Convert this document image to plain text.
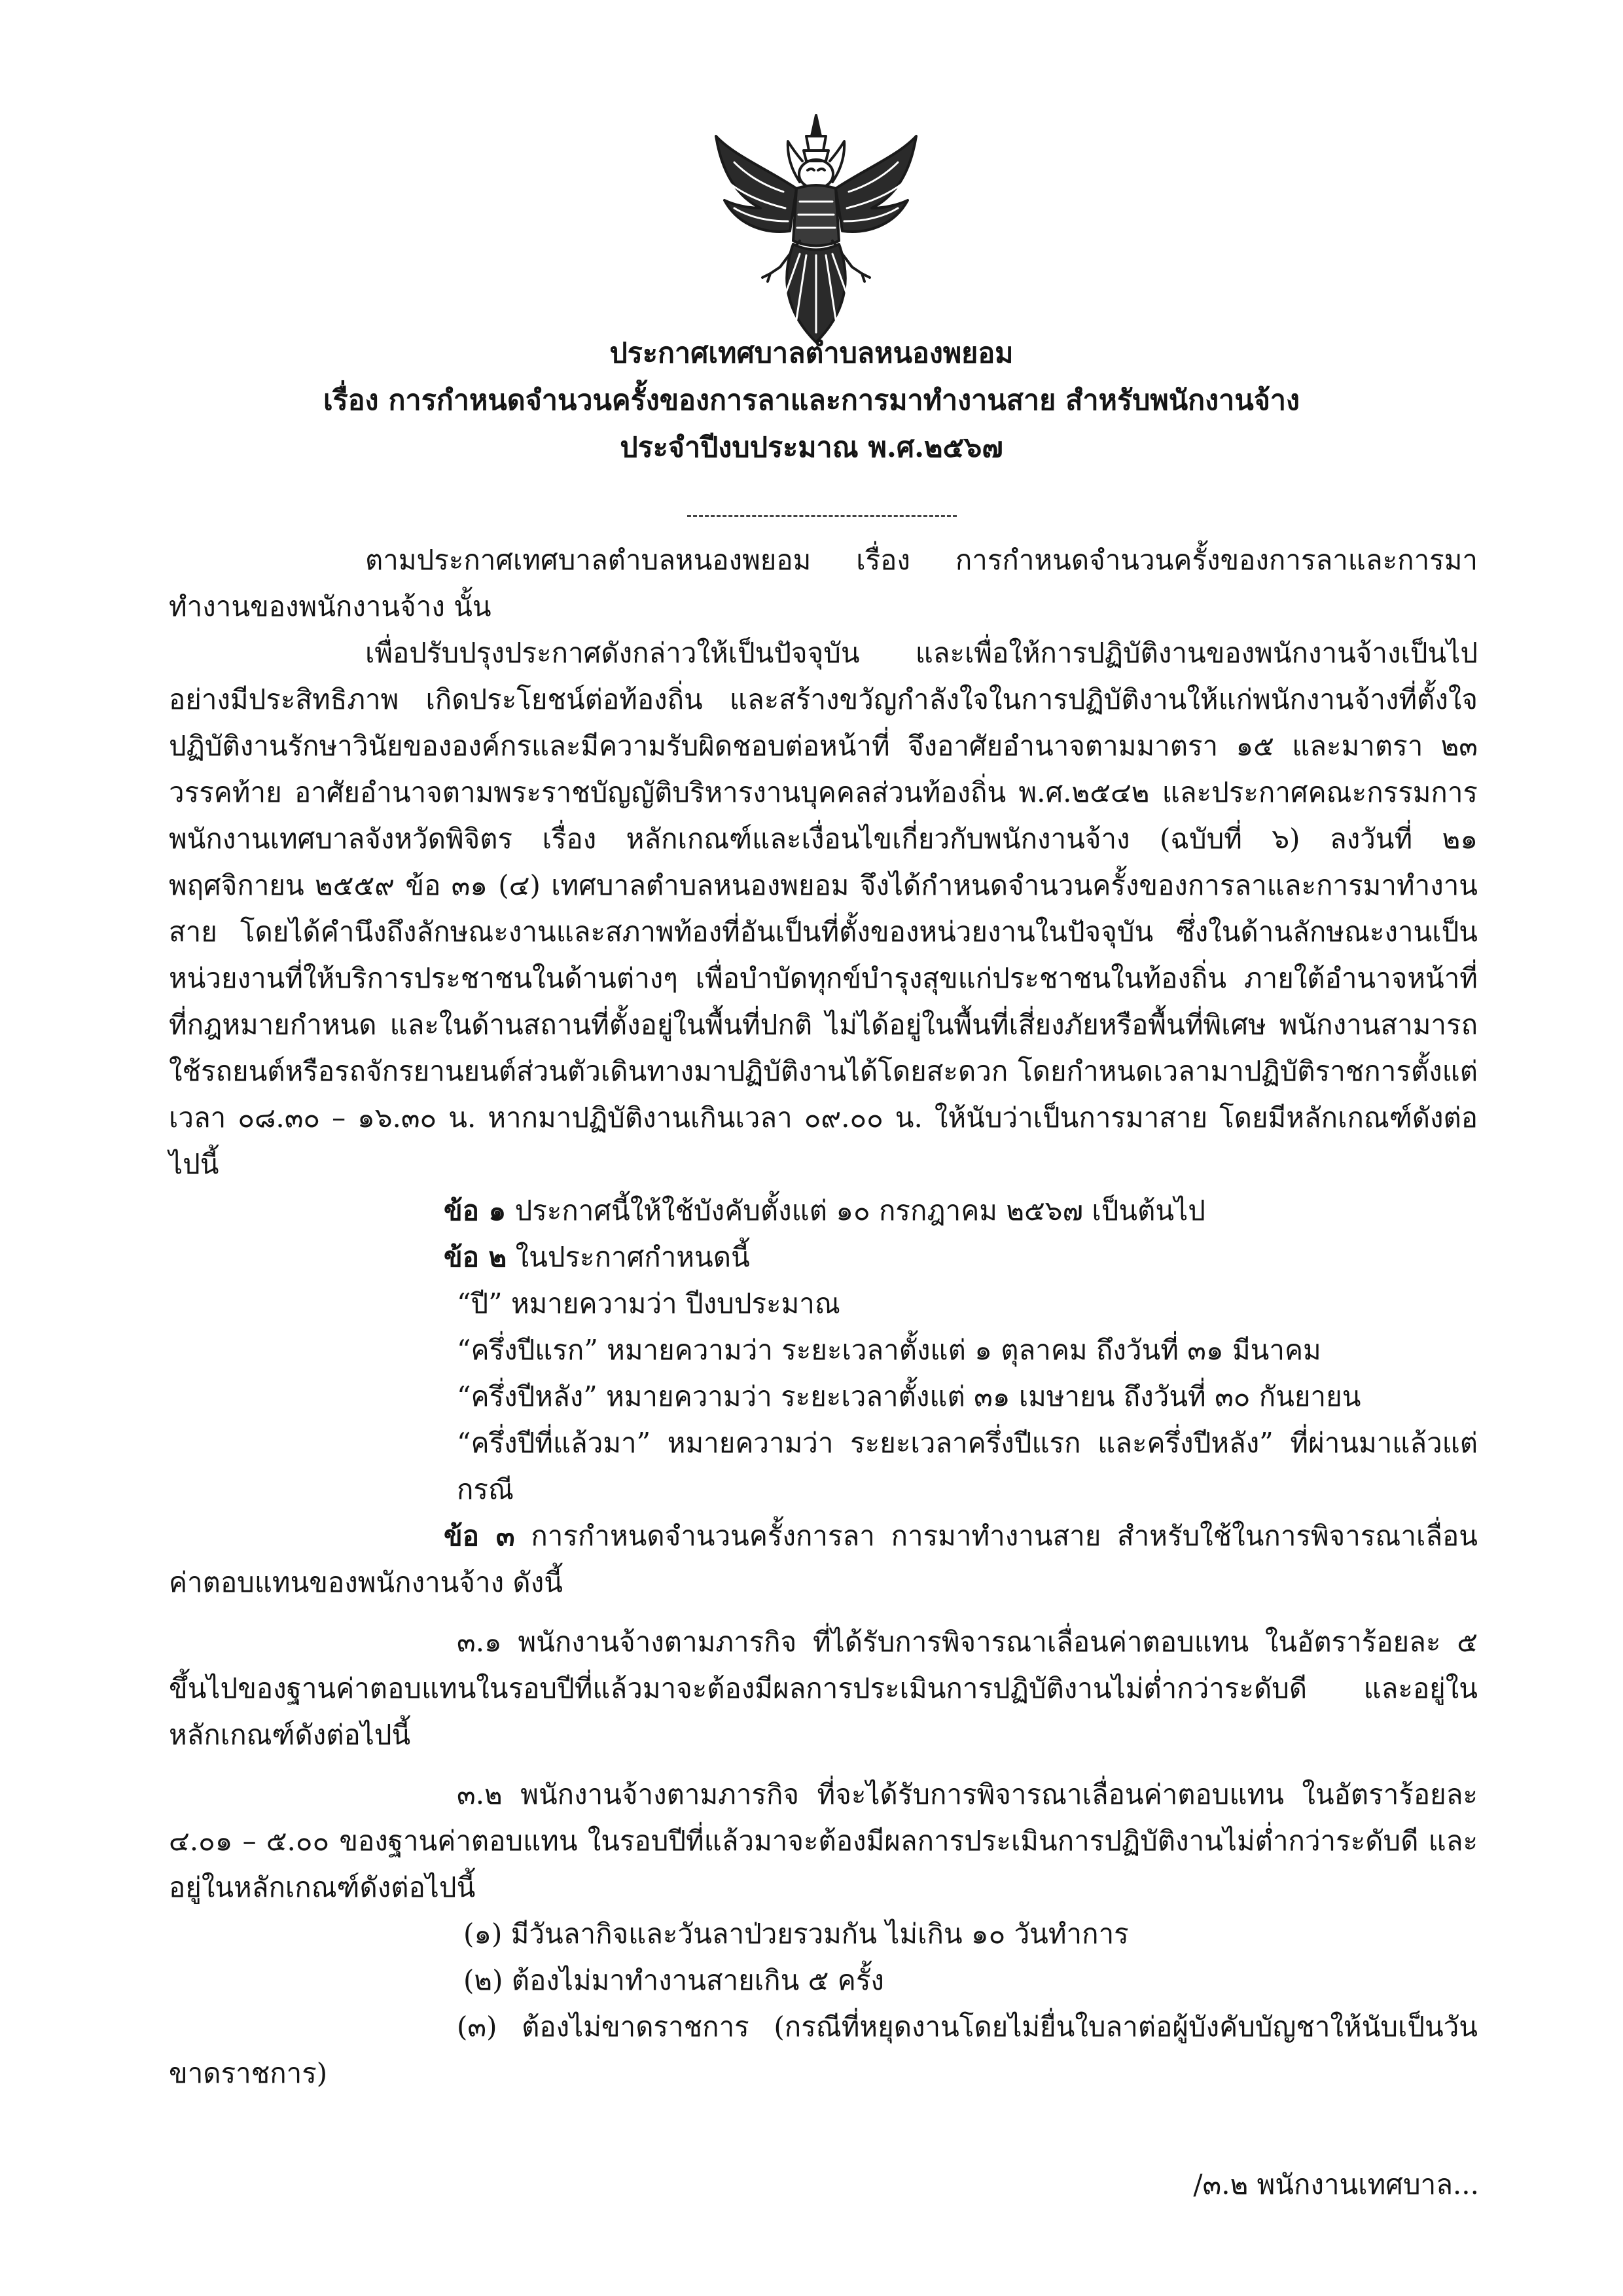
ประกาศเทศบาลตำบลหนองพยอม
เรื่อง การกำหนดจำนวนครั้งของการลาและการมาทำงานสาย สำหรับพนักงานจ้าง
ประจำปีงบประมาณ พ.ศ.๒๕๖๗

ตามประกาศเทศบาลตำบลหนองพยอม เรื่อง การกำหนดจำนวนครั้งของการลาและการมาทำงานของพนักงานจ้าง นั้น

เพื่อปรับปรุงประกาศดังกล่าวให้เป็นปัจจุบัน และเพื่อให้การปฏิบัติงานของพนักงานจ้างเป็นไปอย่างมีประสิทธิภาพ เกิดประโยชน์ต่อท้องถิ่น และสร้างขวัญกำลังใจในการปฏิบัติงานให้แก่พนักงานจ้างที่ตั้งใจปฏิบัติงานรักษาวินัยขององค์กรและมีความรับผิดชอบต่อหน้าที่ จึงอาศัยอำนาจตามมาตรา ๑๕ และมาตรา ๒๓ วรรคท้าย อาศัยอำนาจตามพระราชบัญญัติบริหารงานบุคคลส่วนท้องถิ่น พ.ศ.๒๕๔๒ และประกาศคณะกรรมการพนักงานเทศบาลจังหวัดพิจิตร เรื่อง หลักเกณฑ์และเงื่อนไขเกี่ยวกับพนักงานจ้าง (ฉบับที่ ๖) ลงวันที่ ๒๑ พฤศจิกายน ๒๕๕๙ ข้อ ๓๑ (๔) เทศบาลตำบลหนองพยอม จึงได้กำหนดจำนวนครั้งของการลาและการมาทำงานสาย โดยได้คำนึงถึงลักษณะงานและสภาพท้องที่อันเป็นที่ตั้งของหน่วยงานในปัจจุบัน ซึ่งในด้านลักษณะงานเป็นหน่วยงานที่ให้บริการประชาชนในด้านต่างๆ เพื่อบำบัดทุกข์บำรุงสุขแก่ประชาชนในท้องถิ่น ภายใต้อำนาจหน้าที่ที่กฎหมายกำหนด และในด้านสถานที่ตั้งอยู่ในพื้นที่ปกติ ไม่ได้อยู่ในพื้นที่เสี่ยงภัยหรือพื้นที่พิเศษ พนักงานสามารถใช้รถยนต์หรือรถจักรยานยนต์ส่วนตัวเดินทางมาปฏิบัติงานได้โดยสะดวก โดยกำหนดเวลามาปฏิบัติราชการตั้งแต่เวลา ๐๘.๓๐ – ๑๖.๓๐ น. หากมาปฏิบัติงานเกินเวลา ๐๙.๐๐ น. ให้นับว่าเป็นการมาสาย โดยมีหลักเกณฑ์ดังต่อไปนี้

ข้อ ๑ ประกาศนี้ให้ใช้บังคับตั้งแต่ ๑๐ กรกฎาคม ๒๕๖๗ เป็นต้นไป

ข้อ ๒ ในประกาศกำหนดนี้

“ปี” หมายความว่า ปีงบประมาณ

“ครึ่งปีแรก” หมายความว่า ระยะเวลาตั้งแต่ ๑ ตุลาคม ถึงวันที่ ๓๑ มีนาคม

“ครึ่งปีหลัง” หมายความว่า ระยะเวลาตั้งแต่ ๓๑ เมษายน ถึงวันที่ ๓๐ กันยายน

“ครึ่งปีที่แล้วมา” หมายความว่า ระยะเวลาครึ่งปีแรก และครึ่งปีหลัง” ที่ผ่านมาแล้วแต่กรณี

ข้อ ๓ การกำหนดจำนวนครั้งการลา การมาทำงานสาย สำหรับใช้ในการพิจารณาเลื่อนค่าตอบแทนของพนักงานจ้าง ดังนี้

๓.๑ พนักงานจ้างตามภารกิจ ที่ได้รับการพิจารณาเลื่อนค่าตอบแทน ในอัตราร้อยละ ๕ ขึ้นไปของฐานค่าตอบแทนในรอบปีที่แล้วมาจะต้องมีผลการประเมินการปฏิบัติงานไม่ต่ำกว่าระดับดี และอยู่ในหลักเกณฑ์ดังต่อไปนี้

๓.๒ พนักงานจ้างตามภารกิจ ที่จะได้รับการพิจารณาเลื่อนค่าตอบแทน ในอัตราร้อยละ ๔.๐๑ – ๕.๐๐ ของฐานค่าตอบแทน ในรอบปีที่แล้วมาจะต้องมีผลการประเมินการปฏิบัติงานไม่ต่ำกว่าระดับดี และอยู่ในหลักเกณฑ์ดังต่อไปนี้

(๑) มีวันลากิจและวันลาป่วยรวมกัน ไม่เกิน ๑๐ วันทำการ

(๒) ต้องไม่มาทำงานสายเกิน ๕ ครั้ง

(๓) ต้องไม่ขาดราชการ (กรณีที่หยุดงานโดยไม่ยื่นใบลาต่อผู้บังคับบัญชาให้นับเป็นวันขาดราชการ)

/๓.๒ พนักงานเทศบาล...
